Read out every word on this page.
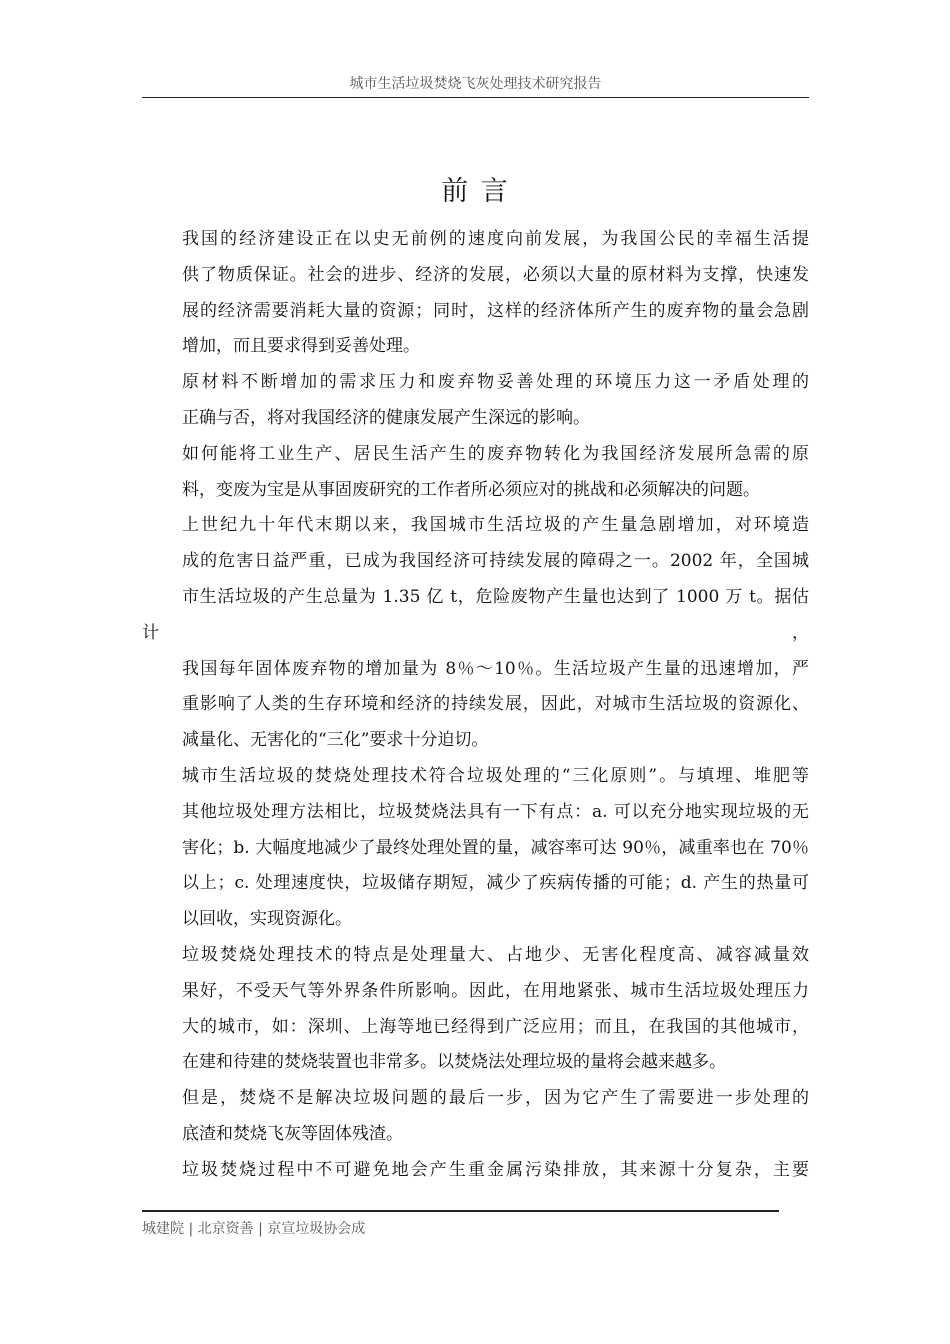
城市生活垃圾焚烧飞灰处理技术研究报告
前 言

我国的经济建设正在以史无前例的速度向前发展，为我国公民的幸福生活提
供了物质保证。社会的进步、经济的发展，必须以大量的原材料为支撑，快速发
展的经济需要消耗大量的资源；同时，这样的经济体所产生的废弃物的量会急剧
增加，而且要求得到妥善处理。

原材料不断增加的需求压力和废弃物妥善处理的环境压力这一矛盾处理的
正确与否，将对我国经济的健康发展产生深远的影响。

如何能将工业生产、居民生活产生的废弃物转化为我国经济发展所急需的原
料，变废为宝是从事固废研究的工作者所必须应对的挑战和必须解决的问题。

上世纪九十年代末期以来，我国城市生活垃圾的产生量急剧增加，对环境造
成的危害日益严重，已成为我国经济可持续发展的障碍之一。2002 年，全国城
市生活垃圾的产生总量为 1.35 亿 t，危险废物产生量也达到了 1000 万 t。据估计，
我国每年固体废弃物的增加量为 8％～10％。生活垃圾产生量的迅速增加，严
重影响了人类的生存环境和经济的持续发展，因此，对城市生活垃圾的资源化、
减量化、无害化的“三化”要求十分迫切。

城市生活垃圾的焚烧处理技术符合垃圾处理的“三化原则”。与填埋、堆肥等
其他垃圾处理方法相比，垃圾焚烧法具有一下有点：a. 可以充分地实现垃圾的无
害化；b. 大幅度地减少了最终处理处置的量，减容率可达 90％，减重率也在 70％
以上；c. 处理速度快，垃圾储存期短，减少了疾病传播的可能；d. 产生的热量可
以回收，实现资源化。

垃圾焚烧处理技术的特点是处理量大、占地少、无害化程度高、减容减量效
果好，不受天气等外界条件所影响。因此，在用地紧张、城市生活垃圾处理压力
大的城市，如：深圳、上海等地已经得到广泛应用；而且，在我国的其他城市，
在建和待建的焚烧装置也非常多。以焚烧法处理垃圾的量将会越来越多。

但是，焚烧不是解决垃圾问题的最后一步，因为它产生了需要进一步处理的
底渣和焚烧飞灰等固体残渣。

垃圾焚烧过程中不可避免地会产生重金属污染排放，其来源十分复杂，主要

城建院 | 北京资善 | 京宣垃圾协会成
